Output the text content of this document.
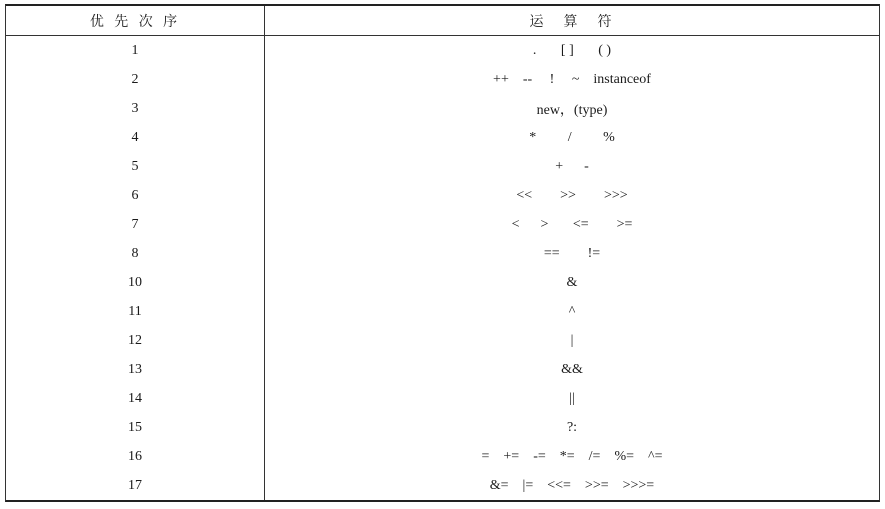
优 先 次 序	运　算　符
1	.       [ ]       ( )
2	++    --     !     ~    instanceof
3	new，(type)
4	*         /         %
5	+      -
6	<<        >>        >>>
7	<      >       <=        >=
8	==        !=
10	&
11	^
12	|
13	&&
14	||
15	?:
16	=    +=    -=    *=    /=    %=    ^=
17	&=    |=    <<=    >>=    >>>=
